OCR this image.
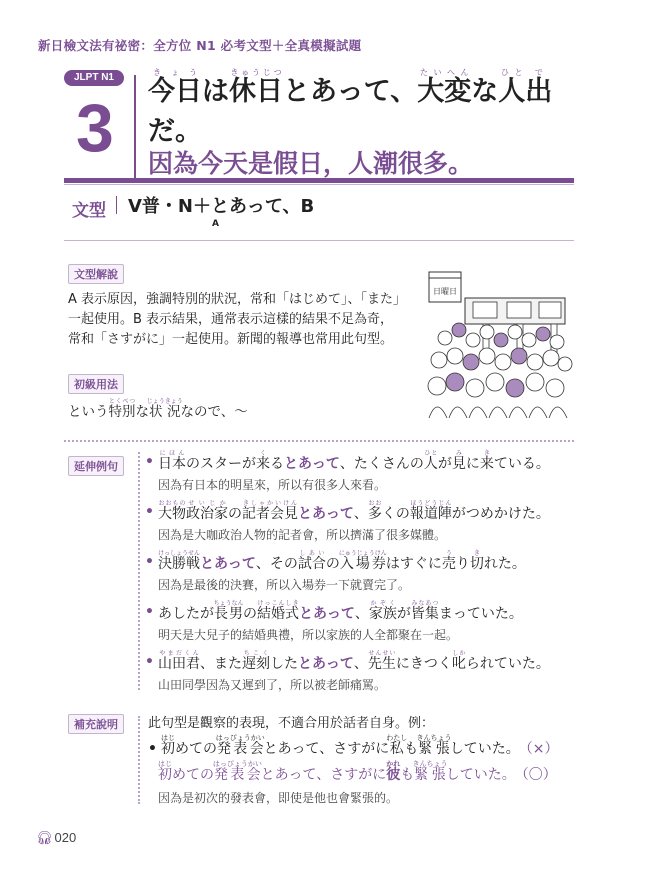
新日檢文法有祕密：全方位 N1 必考文型＋全真模擬試題
JLPT N1
3 今日きょうは休日きゅうじつとあって、大変たいへんな人ひと出でだ。
因為今天是假日，人潮很多。
文型 V普・N＋とあって、B
A
文型解說
A 表示原因，強調特別的狀況，常和「はじめて」、「また」一起使用。B 表示結果，通常表示這樣的結果不足為奇，常和「さすがに」一起使用。新聞的報導也常用此句型。
日曜日
初級用法
という特別とくべつな状況じょうきょうなので、～
延伸例句	• 日本にほんのスターが来くるとあって、たくさんの人ひとが見みに来きている。
因為有日本的明星來，所以有很多人來看。
• 大物おおもの政治家せいじかの記者会見きしゃかいけんとあって、多おおくの報道陣ほうどうじんがつめかけた。
因為是大咖政治人物的記者會，所以擠滿了很多媒體。
• 決勝戦けっしょうせんとあって、その試合しあいの入場券にゅうじょうけんはすぐに売うり切きれた。
因為是最後的決賽，所以入場券一下就賣完了。
• あしたが長男ちょうなんの結婚式けっこんしきとあって、家族かぞくが皆みな集あつまっていた。
明天是大兒子的結婚典禮，所以家族的人全都聚在一起。
• 山田君やまだくん、また遅刻ちこくしたとあって、先生せんせいにきつく叱しかられていた。
山田同學因為又遲到了，所以被老師痛罵。
補充說明	此句型是觀察的表現，不適合用於話者自身。例：
• 初はじめての発表会はっぴょうかいとあって、さすがに私わたしも緊張きんちょうしていた。 （×）
初はじめての発表会はっぴょうかいとあって、さすがに彼かれも緊張きんちょうしていた。 （〇）
因為是初次的發表會，即使是他也會緊張的。
🎧︎ 020
